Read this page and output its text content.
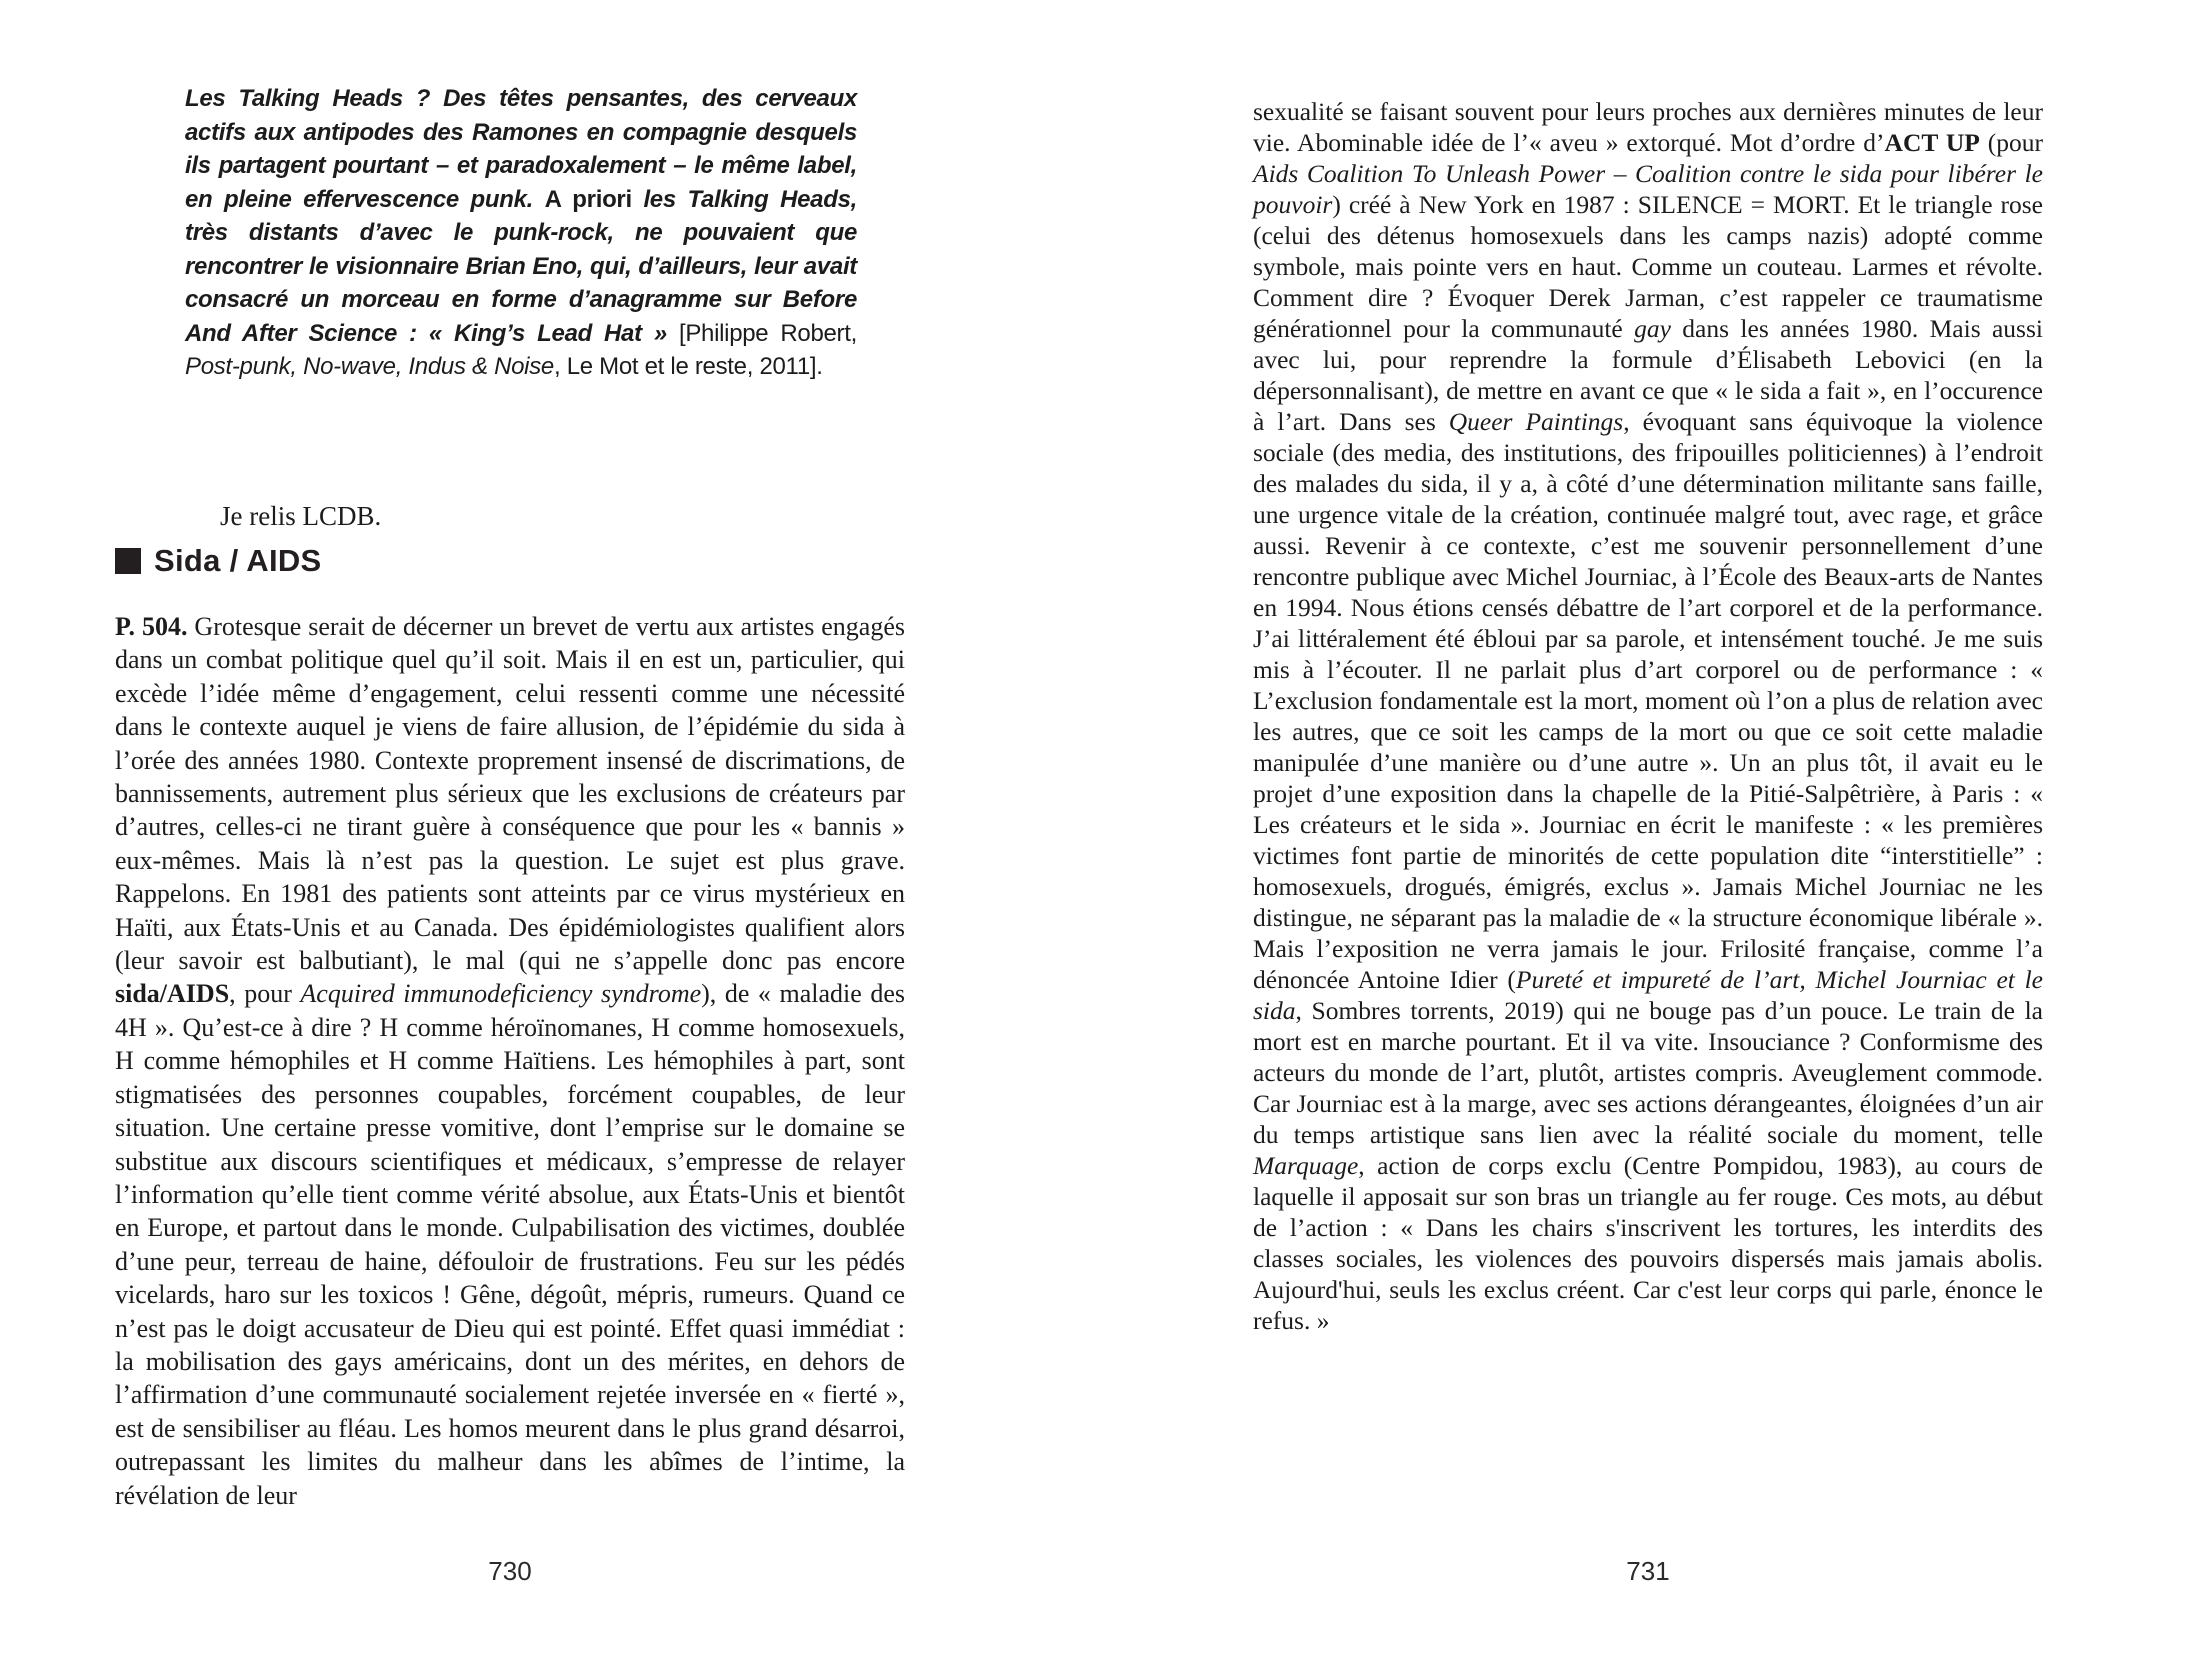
Les Talking Heads ? Des têtes pensantes, des cerveaux actifs aux antipodes des Ramones en compagnie desquels ils partagent pourtant – et paradoxalement – le même label, en pleine effervescence punk. A priori les Talking Heads, très distants d’avec le punk-rock, ne pouvaient que rencontrer le visionnaire Brian Eno, qui, d’ailleurs, leur avait consacré un morceau en forme d’anagramme sur Before And After Science : « King’s Lead Hat » [Philippe Robert, Post-punk, No-wave, Indus & Noise, Le Mot et le reste, 2011].

Je relis LCDB.

Sida / AIDS
P. 504. Grotesque serait de décerner un brevet de vertu aux artistes engagés dans un combat politique quel qu’il soit. Mais il en est un, particulier, qui excède l’idée même d’engagement, celui ressenti comme une nécessité dans le contexte auquel je viens de faire allusion, de l’épidémie du sida à l’orée des années 1980. Contexte proprement insensé de discrimations, de bannissements, autrement plus sérieux que les exclusions de créateurs par d’autres, celles-ci ne tirant guère à conséquence que pour les « bannis » eux-mêmes. Mais là n’est pas la question. Le sujet est plus grave. Rappelons. En 1981 des patients sont atteints par ce virus mystérieux en Haïti, aux États-Unis et au Canada. Des épidémiologistes qualifient alors (leur savoir est balbutiant), le mal (qui ne s’appelle donc pas encore sida/AIDS, pour Acquired immunodeficiency syndrome), de « maladie des 4H ». Qu’est-ce à dire ? H comme héroïnomanes, H comme homosexuels, H comme hémophiles et H comme Haïtiens. Les hémophiles à part, sont stigmatisées des personnes coupables, forcément coupables, de leur situation. Une certaine presse vomitive, dont l’emprise sur le domaine se substitue aux discours scientifiques et médicaux, s’empresse de relayer l’information qu’elle tient comme vérité absolue, aux États-Unis et bientôt en Europe, et partout dans le monde. Culpabilisation des victimes, doublée d’une peur, terreau de haine, défouloir de frustrations. Feu sur les pédés vicelards, haro sur les toxicos ! Gêne, dégoût, mépris, rumeurs. Quand ce n’est pas le doigt accusateur de Dieu qui est pointé. Effet quasi immédiat : la mobilisation des gays américains, dont un des mérites, en dehors de l’affirmation d’une communauté socialement rejetée inversée en « fierté », est de sensibiliser au fléau. Les homos meurent dans le plus grand désarroi, outrepassant les limites du malheur dans les abîmes de l’intime, la révélation de leur
730
sexualité se faisant souvent pour leurs proches aux dernières minutes de leur vie. Abominable idée de l’« aveu » extorqué. Mot d’ordre d’ACT UP (pour Aids Coalition To Unleash Power – Coalition contre le sida pour libérer le pouvoir) créé à New York en 1987 : SILENCE = MORT. Et le triangle rose (celui des détenus homosexuels dans les camps nazis) adopté comme symbole, mais pointe vers en haut. Comme un couteau. Larmes et révolte. Comment dire ? Évoquer Derek Jarman, c’est rappeler ce traumatisme générationnel pour la communauté gay dans les années 1980. Mais aussi avec lui, pour reprendre la formule d’Élisabeth Lebovici (en la dépersonnalisant), de mettre en avant ce que « le sida a fait », en l’occurence à l’art. Dans ses Queer Paintings, évoquant sans équivoque la violence sociale (des media, des institutions, des fripouilles politiciennes) à l’endroit des malades du sida, il y a, à côté d’une détermination militante sans faille, une urgence vitale de la création, continuée malgré tout, avec rage, et grâce aussi. Revenir à ce contexte, c’est me souvenir personnellement d’une rencontre publique avec Michel Journiac, à l’École des Beaux-arts de Nantes en 1994. Nous étions censés débattre de l’art corporel et de la performance. J’ai littéralement été ébloui par sa parole, et intensément touché. Je me suis mis à l’écouter. Il ne parlait plus d’art corporel ou de performance : « L’exclusion fondamentale est la mort, moment où l’on a plus de relation avec les autres, que ce soit les camps de la mort ou que ce soit cette maladie manipulée d’une manière ou d’une autre ». Un an plus tôt, il avait eu le projet d’une exposition dans la chapelle de la Pitié-Salpêtrière, à Paris : « Les créateurs et le sida ». Journiac en écrit le manifeste : « les premières victimes font partie de minorités de cette population dite “interstitielle” : homosexuels, drogués, émigrés, exclus ». Jamais Michel Journiac ne les distingue, ne séparant pas la maladie de « la structure économique libérale ». Mais l’exposition ne verra jamais le jour. Frilosité française, comme l’a dénoncée Antoine Idier (Pureté et impureté de l’art, Michel Journiac et le sida, Sombres torrents, 2019) qui ne bouge pas d’un pouce. Le train de la mort est en marche pourtant. Et il va vite. Insouciance ? Conformisme des acteurs du monde de l’art, plutôt, artistes compris. Aveuglement commode. Car Journiac est à la marge, avec ses actions dérangeantes, éloignées d’un air du temps artistique sans lien avec la réalité sociale du moment, telle Marquage, action de corps exclu (Centre Pompidou, 1983), au cours de laquelle il apposait sur son bras un triangle au fer rouge. Ces mots, au début de l’action : « Dans les chairs s'inscrivent les tortures, les interdits des classes sociales, les violences des pouvoirs dispersés mais jamais abolis. Aujourd'hui, seuls les exclus créent. Car c'est leur corps qui parle, énonce le refus. »
731
